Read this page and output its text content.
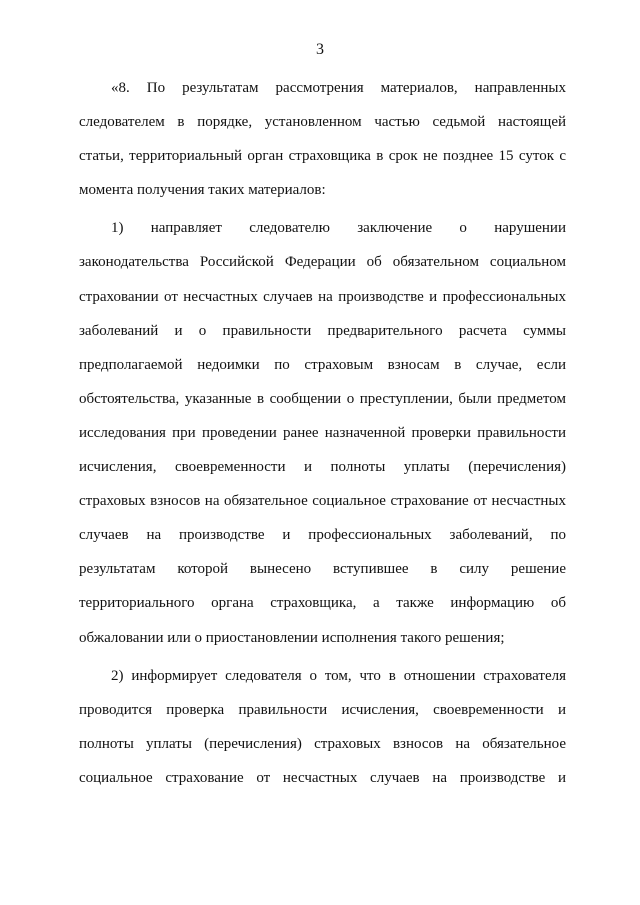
3
«8. По результатам рассмотрения материалов, направленных
следователем в порядке, установленном частью седьмой настоящей
статьи, территориальный орган страховщика в срок не позднее 15 суток с
момента получения таких материалов:
1) направляет следователю заключение о нарушении
законодательства Российской Федерации об обязательном социальном
страховании от несчастных случаев на производстве и профессиональных
заболеваний и о правильности предварительного расчета суммы
предполагаемой недоимки по страховым взносам в случае, если
обстоятельства, указанные в сообщении о преступлении, были предметом
исследования при проведении ранее назначенной проверки правильности
исчисления, своевременности и полноты уплаты (перечисления)
страховых взносов на обязательное социальное страхование от несчастных
случаев на производстве и профессиональных заболеваний, по
результатам которой вынесено вступившее в силу решение
территориального органа страховщика, а также информацию об
обжаловании или о приостановлении исполнения такого решения;
2) информирует следователя о том, что в отношении страхователя
проводится проверка правильности исчисления, своевременности и
полноты уплаты (перечисления) страховых взносов на обязательное
социальное страхование от несчастных случаев на производстве и
